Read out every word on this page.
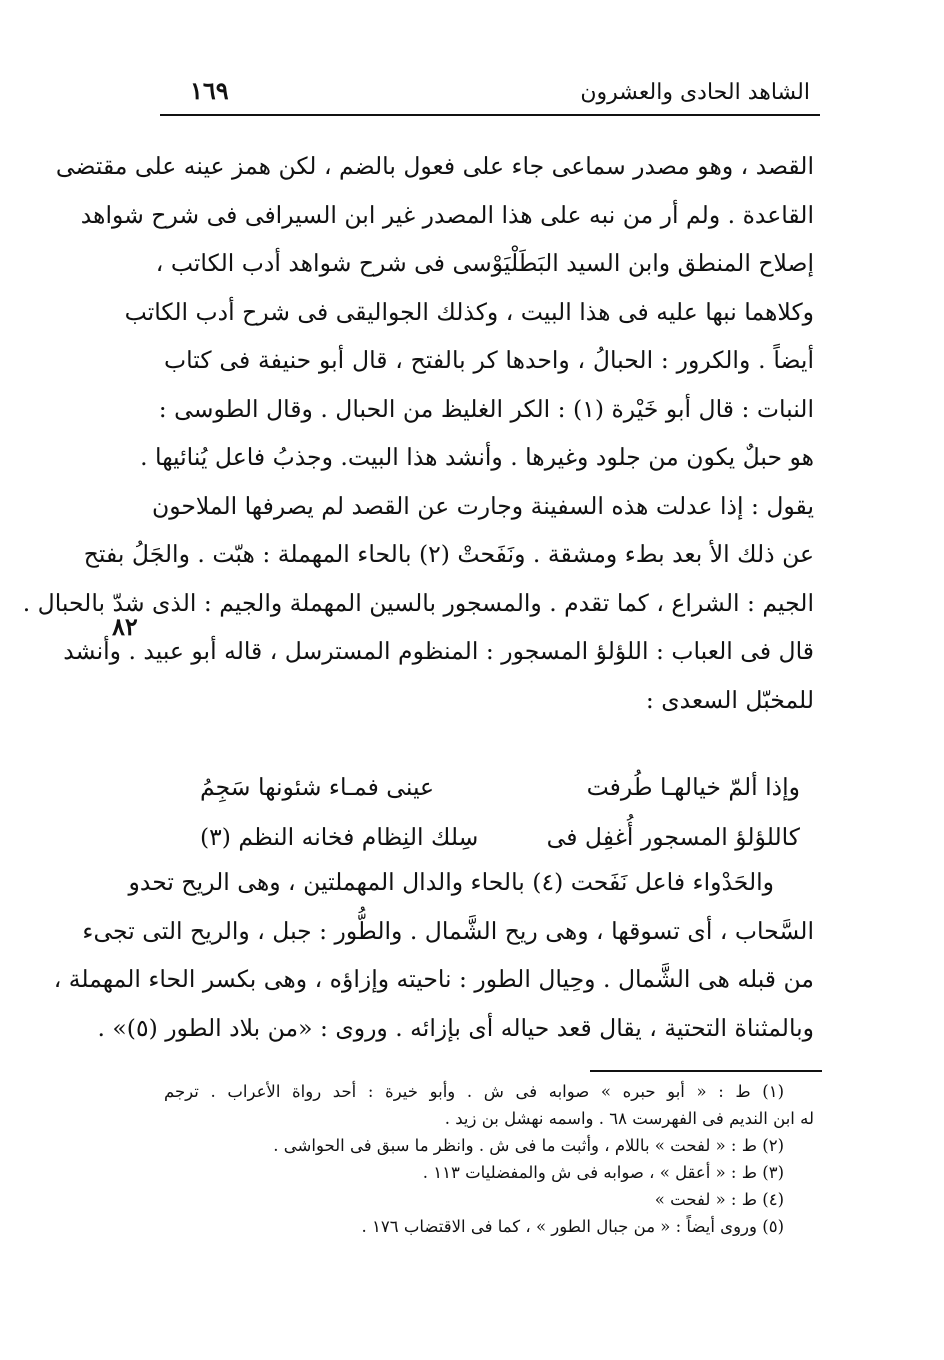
الشاهد الحادى والعشرون
١٦٩
٨٢
القصد ، وهو مصدر سماعى جاء على فعول بالضم ، لكن همز عينه على مقتضى
القاعدة . ولم أر من نبه على هذا المصدر غير ابن السيرافى فى شرح شواهد
إصلاح المنطق وابن السيد البَطَلْيَوْسى فى شرح شواهد أدب الكاتب ،
وكلاهما نبها عليه فى هذا البيت ، وكذلك الجواليقى فى شرح أدب الكاتب
أيضاً . والكرور : الحبالُ ، واحدها كر بالفتح ، قال أبو حنيفة فى كتاب
النبات : قال أبو خَيْرة (١) : الكر الغليظ من الحبال . وقال الطوسى :
هو حبلٌ يكون من جلود وغيرها . وأنشد هذا البيت. وجذبُ فاعل يُنائيها .
يقول : إذا عدلت هذه السفينة وجارت عن القصد لم يصرفها الملاحون
عن ذلك الأ بعد بطء ومشقة . ونَفَحتْ (٢) بالحاء المهملة : هبّت . والجَلُ بفتح
الجيم : الشراع ، كما تقدم . والمسجور بالسين المهملة والجيم : الذى شدّ بالحبال .
قال فى العباب : اللؤلؤ المسجور : المنظوم المسترسل ، قاله أبو عبيد . وأنشد
للمخبّل السعدى :
وإذا ألمّ خيالهـا طُرفت
عينى فمـاء شئونها سَجِمُ
كاللؤلؤ المسجور أُغفِل فى
سِلك النِظام فخانه النظم (٣)
والحَدْواء فاعل نَفَحت (٤) بالحاء والدال المهملتين ، وهى الريح تحدو
السَّحاب ، أى تسوقها ، وهى ريح الشَّمال . والطُّور : جبل ، والريح التى تجىء
من قبله هى الشَّمال . وحِيال الطور : ناحيته وإزاؤه ، وهى بكسر الحاء المهملة ،
وبالمثناة التحتية ، يقال قعد حياله أى بإزائه . وروى : «من بلاد الطور (٥)» .
(١) ط : « أبو حبره » صوابه فى ش . وأبو خيرة : أحد رواة الأعراب . ترجم
له ابن النديم فى الفهرست ٦٨ . واسمه نهشل بن زيد .
(٢) ط : « لفحت » باللام ، وأثبت ما فى ش . وانظر ما سبق فى الحواشى .
(٣) ط : « أعقل » ، صوابه فى ش والمفضليات ١١٣ .
(٤) ط : « لفحت »
(٥) وروى أيضاً : « من جبال الطور » ، كما فى الاقتضاب ١٧٦ .
